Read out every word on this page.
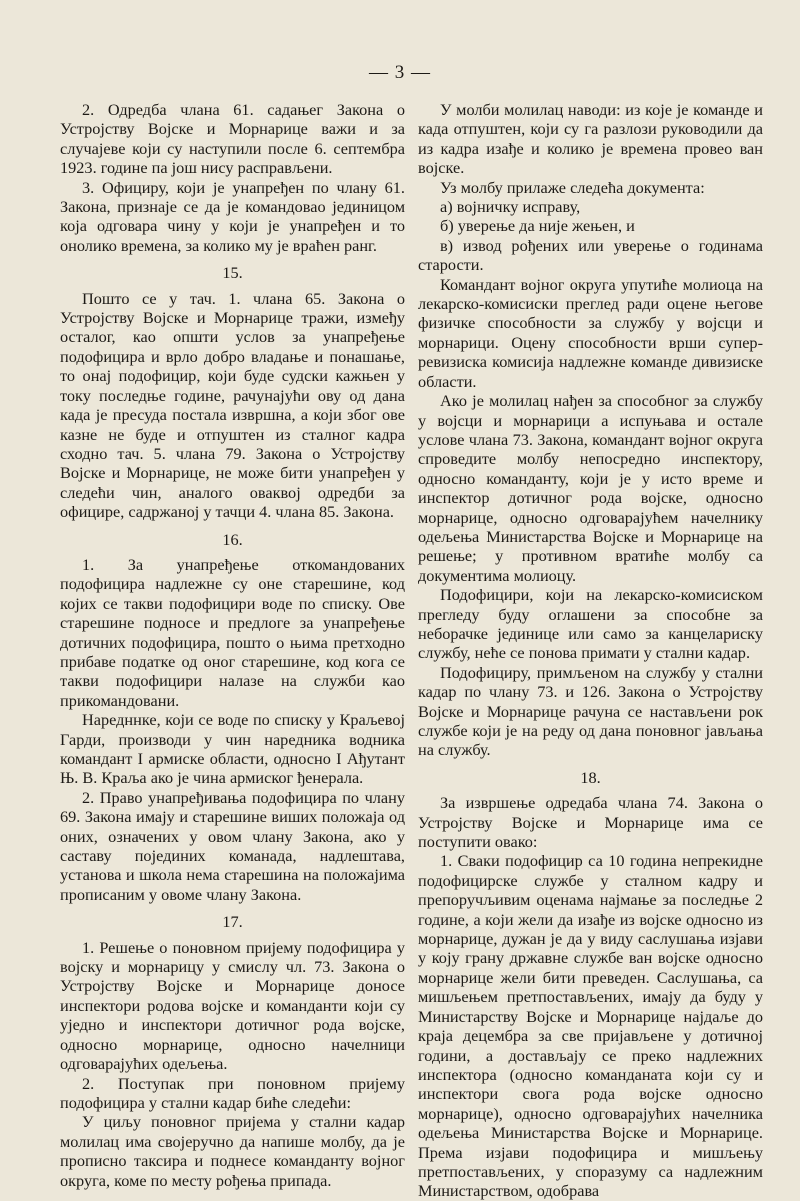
— 3 —

2. Одредба члана 61. садањег Закона о Устројству Војске и Морнарице важи и за случајеве који су наступили после 6. септембра 1923. године па још нису расправљени.

3. Официру, који је унапређен по члану 61. Закона, признаје се да је командовао јединицом која одговара чину у који је унапређен и то онолико времена, за колико му је враћен ранг.

15.

Пошто се у тач. 1. члана 65. Закона о Устројству Војске и Морнарице тражи, између осталог, као општи услов за унапређење подофицира и врло добро владање и понашање, то онај подофицир, који буде судски кажњен у току последње године, рачунајући ову од дана када је пресуда постала извршна, а који због ове казне не буде и отпуштен из сталног кадра сходно тач. 5. члана 79. Закона о Устројству Војске и Морнарице, не може бити унапређен у следећи чин, аналого оваквој одредби за официре, садржаној у тачци 4. члана 85. Закона.

16.

1. За унапређење откомандованих подофицира надлежне су оне старешине, код којих се такви подофицири воде по списку. Ове старешине подносе и предлоге за унапређење дотичних подофицира, пошто о њима претходно прибаве податке од оног старешине, код кога се такви подофицири налазе на служби као прикомандовани.

Наредннке, који се воде по списку у Краљевој Гарди, производи у чин наредника водника командант I армиске области, односно I Ађутант Њ. В. Краља ако је чина армиског ђенерала.

2. Право унапређивања подофицира по члану 69. Закона имају и старешине виших положаја од оних, означених у овом члану Закона, ако у саставу појединих команада, надлештава, установа и школа нема старешина на положајима прописаним у овоме члану Закона.

17.

1. Решење о поновном пријему подофицира у војску и морнарицу у смислу чл. 73. Закона о Устројству Војске и Морнарице доносе инспектори родова војске и команданти који су уједно и инспектори дотичног рода војске, односно морнарице, односно начелници одговарајућих одељења.

2. Поступак при поновном пријему подофицира у стални кадар биће следећи:

У циљу поновног пријема у стални кадар молилац има својеручно да напише молбу, да је прописно таксира и поднесе команданту војног округа, коме по месту рођења припада.

У молби молилац наводи: из које је команде и када отпуштен, који су га разлози руководили да из кадра изађе и колико је времена провео ван војске.

Уз молбу прилаже следећа документа:

а) војничку исправу,

б) уверење да није жењен, и

в) извод рођених или уверење о годинама старости.

Командант војног округа упутиће молиоца на лекарско-комисиски преглед ради оцене његове физичке способности за службу у војсци и морнарици. Оцену способности врши супер-ревизиска комисија надлежне команде дивизиске области.

Ако је молилац нађен за способног за службу у војсци и морнарици а испуњава и остале услове члана 73. Закона, командант војног округа спроведите молбу непосредно инспектору, односно команданту, који је у исто време и инспектор дотичног рода војске, односно морнарице, односно одговарајућем начелнику одељења Министарства Војске и Морнарице на решење; у противном вратиће молбу са документима молиоцу.

Подофицири, који на лекарско-комисиском прегледу буду оглашени за способне за неборачке јединице или само за канцелариску службу, неће се понова примати у стални кадар.

Подофициру, примљеном на службу у стални кадар по члану 73. и 126. Закона о Устројству Војске и Морнарице рачуна се настављени рок службе који је на реду од дана поновног јављања на службу.

18.

За извршење одредаба члана 74. Закона о Устројству Војске и Морнарице има се поступити овако:

1. Сваки подофицир са 10 година непрекидне подофицирске службе у сталном кадру и препоручљивим оценама најмање за последње 2 године, а који жели да изађе из војске односно из морнарице, дужан је да у виду саслушања изјави у коју грану државне службе ван војске односно морнарице жели бити преведен. Саслушања, са мишљењем претпостављених, имају да буду у Министарству Војске и Морнарице најдаље до краја децембра за све пријављене у дотичној години, а достављају се преко надлежних инспектора (односно команданата који су и инспектори свога рода војске односно морнарице), односно одговарајућих начелника одељења Министарства Војске и Морнарице. Према изјави подофицира и мишљењу претпостављених, у споразуму са надлежним Министарством, одобрава
